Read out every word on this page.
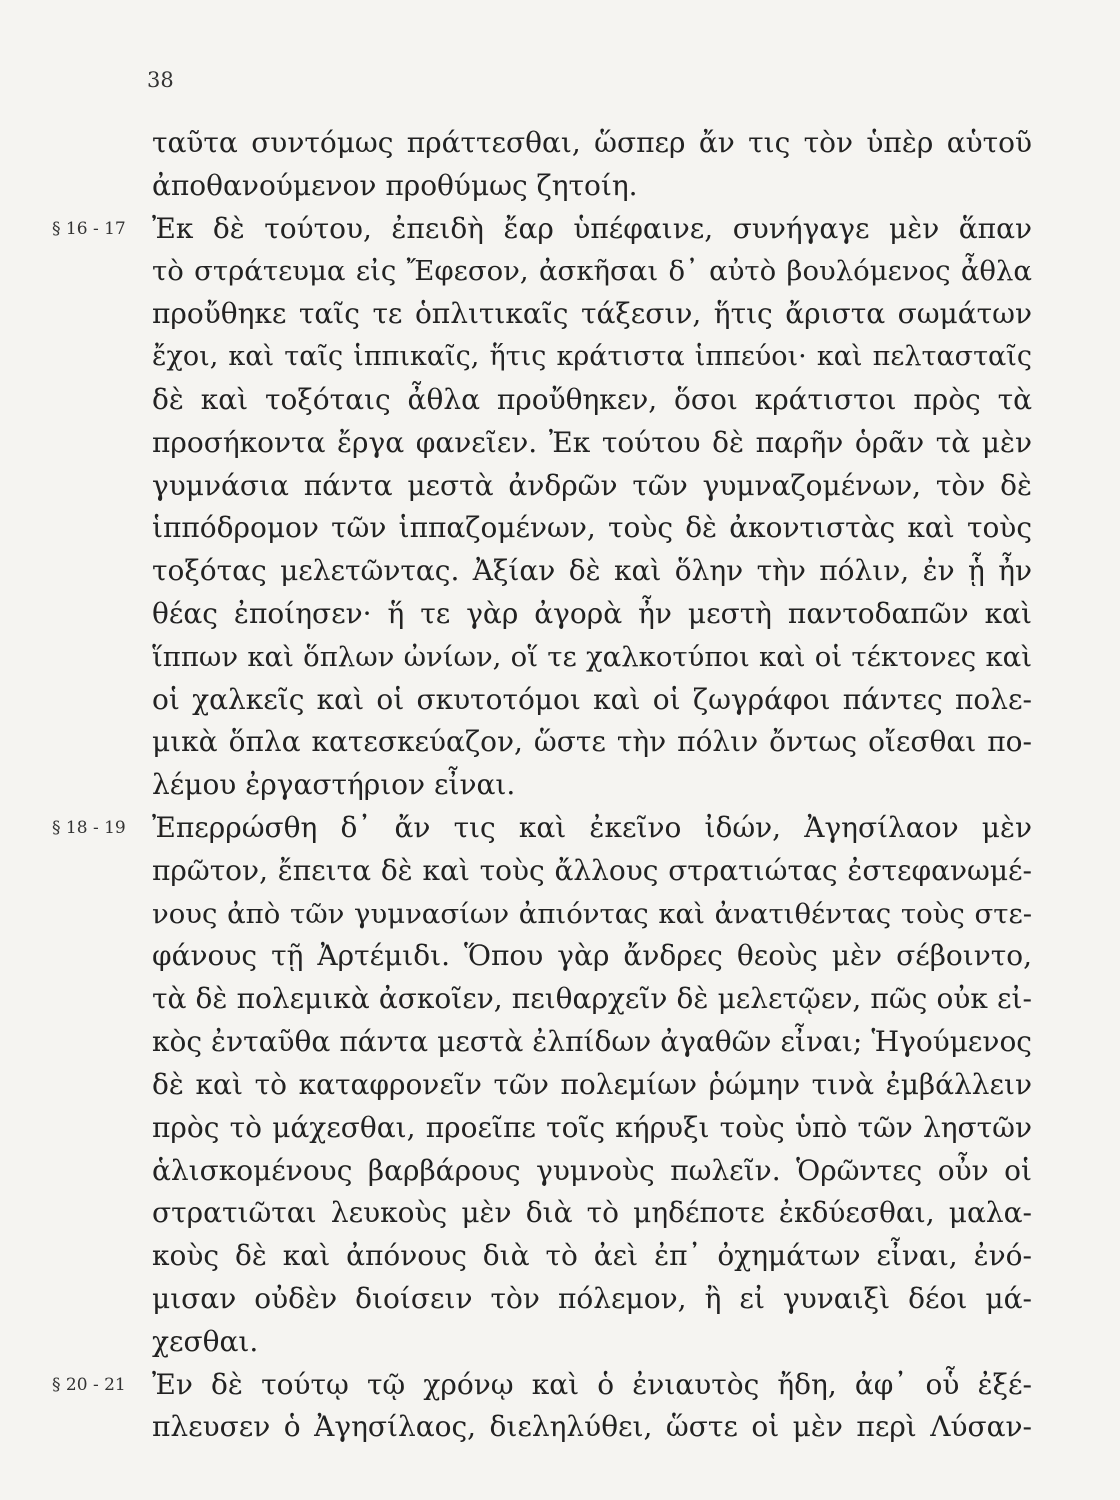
38
ταῦτα συντόμως πράττεσθαι, ὥσπερ ἄν τις τὸν ὑπὲρ αὑτοῦ
ἀποθανούμενον προθύμως ζητοίη.
§ 16 - 17 Ἐκ δὲ τούτου, ἐπειδὴ ἔαρ ὑπέφαινε, συνήγαγε μὲν ἅπαν
τὸ στράτευμα εἰς Ἔφεσον, ἀσκῆσαι δ᾽ αὐτὸ βουλόμενος ἆθλα
προὔθηκε ταῖς τε ὁπλιτικαῖς τάξεσιν, ἥτις ἄριστα σωμάτων
ἔχοι, καὶ ταῖς ἱππικαῖς, ἥτις κράτιστα ἱππεύοι· καὶ πελτασταῖς
δὲ καὶ τοξόταις ἆθλα προὔθηκεν, ὅσοι κράτιστοι πρὸς τὰ
προσήκοντα ἔργα φανεῖεν. Ἐκ τούτου δὲ παρῆν ὁρᾶν τὰ μὲν
γυμνάσια πάντα μεστὰ ἀνδρῶν τῶν γυμναζομένων, τὸν δὲ
ἱππόδρομον τῶν ἱππαζομένων, τοὺς δὲ ἀκοντιστὰς καὶ τοὺς
τοξότας μελετῶντας. Ἀξίαν δὲ καὶ ὅλην τὴν πόλιν, ἐν ᾗ ἦν
θέας ἐποίησεν· ἥ τε γὰρ ἀγορὰ ἦν μεστὴ παντοδαπῶν καὶ
ἵππων καὶ ὅπλων ὠνίων, οἵ τε χαλκοτύποι καὶ οἱ τέκτονες καὶ
οἱ χαλκεῖς καὶ οἱ σκυτοτόμοι καὶ οἱ ζωγράφοι πάντες πολε-
μικὰ ὅπλα κατεσκεύαζον, ὥστε τὴν πόλιν ὄντως οἴεσθαι πο-
λέμου ἐργαστήριον εἶναι.
§ 18 - 19 Ἐπερρώσθη δ᾽ ἄν τις καὶ ἐκεῖνο ἰδών, Ἀγησίλαον μὲν
πρῶτον, ἔπειτα δὲ καὶ τοὺς ἄλλους στρατιώτας ἐστεφανωμέ-
νους ἀπὸ τῶν γυμνασίων ἀπιόντας καὶ ἀνατιθέντας τοὺς στε-
φάνους τῇ Ἀρτέμιδι. Ὅπου γὰρ ἄνδρες θεοὺς μὲν σέβοιντο,
τὰ δὲ πολεμικὰ ἀσκοῖεν, πειθαρχεῖν δὲ μελετῷεν, πῶς οὐκ εἰ-
κὸς ἐνταῦθα πάντα μεστὰ ἐλπίδων ἀγαθῶν εἶναι; Ἡγούμενος
δὲ καὶ τὸ καταφρονεῖν τῶν πολεμίων ῥώμην τινὰ ἐμβάλλειν
πρὸς τὸ μάχεσθαι, προεῖπε τοῖς κήρυξι τοὺς ὑπὸ τῶν ληστῶν
ἁλισκομένους βαρβάρους γυμνοὺς πωλεῖν. Ὁρῶντες οὖν οἱ
στρατιῶται λευκοὺς μὲν διὰ τὸ μηδέποτε ἐκδύεσθαι, μαλα-
κοὺς δὲ καὶ ἀπόνους διὰ τὸ ἀεὶ ἐπ᾽ ὀχημάτων εἶναι, ἐνό-
μισαν οὐδὲν διοίσειν τὸν πόλεμον, ἢ εἰ γυναιξὶ δέοι μά-
χεσθαι.
§ 20 - 21 Ἐν δὲ τούτῳ τῷ χρόνῳ καὶ ὁ ἐνιαυτὸς ἤδη, ἀφ᾽ οὗ ἐξέ-
πλευσεν ὁ Ἀγησίλαος, διεληλύθει, ὥστε οἱ μὲν περὶ Λύσαν-
